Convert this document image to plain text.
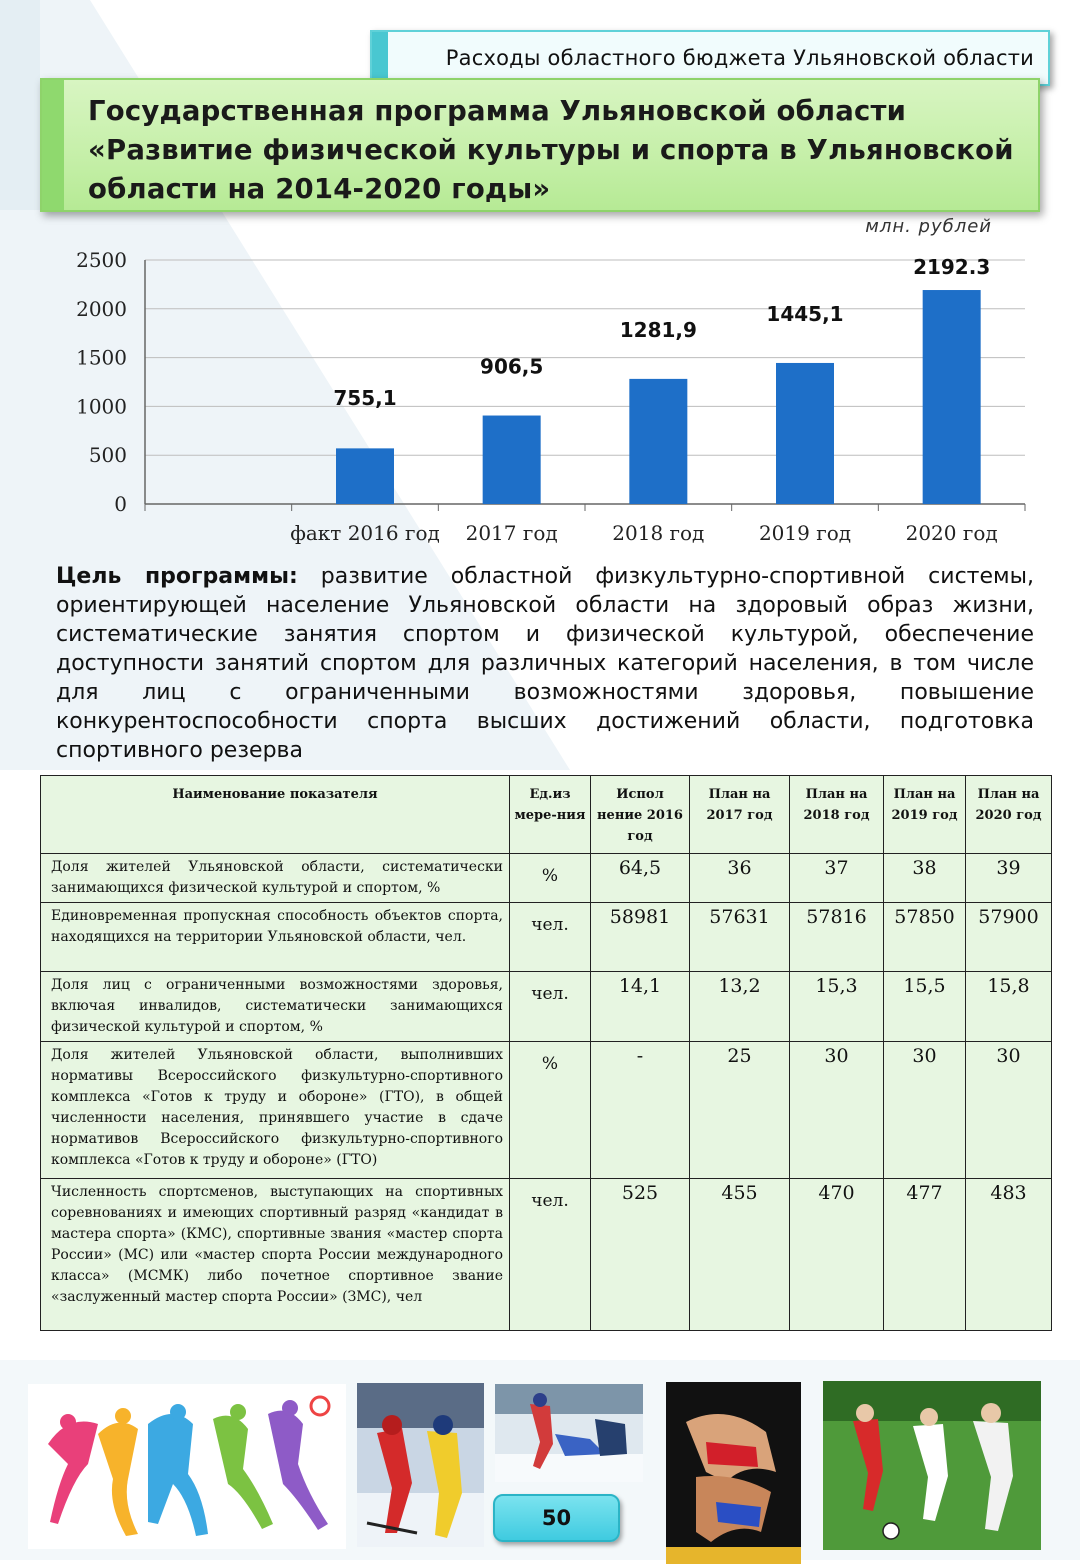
Расходы областного бюджета Ульяновской области
Государственная программа Ульяновской области «Развитие физической культуры и спорта в Ульяновской области на 2014-2020 годы»
млн. рублей
0
500
1000
1500
2000
2500
755,1
факт 2016 год
906,5
2017 год
1281,9
2018 год
1445,1
2019 год
2192.3
2020 год
Цель программы: развитие областной физкультурно-спортивной системы, ориентирующей население Ульяновской области на здоровый образ жизни, систематические занятия спортом и физической культурой, обеспечение доступности занятий спортом для различных категорий населения, в том числе для лиц с ограниченными возможностями здоровья, повышение конкурентоспособности спорта высших достижений области, подготовка спортивного резерва
Наименование показателя	Ед.из мере-ния	Испол нение 2016 год	План на 2017 год	План на 2018 год	План на 2019 год	План на 2020 год
Доля жителей Ульяновской области, систематически занимающихся физической культурой и спортом, %	%	64,5	36	37	38	39
Единовременная пропускная способность объектов спорта, находящихся на территории Ульяновской области, чел.	чел.	58981	57631	57816	57850	57900
Доля лиц с ограниченными возможностями здоровья, включая инвалидов, систематически занимающихся физической культурой и спортом, %	чел.	14,1	13,2	15,3	15,5	15,8
Доля жителей Ульяновской области, выполнивших нормативы Всероссийского физкультурно-спортивного комплекса «Готов к труду и обороне» (ГТО), в общей численности населения, принявшего участие в сдаче нормативов Всероссийского физкультурно-спортивного комплекса «Готов к труду и обороне» (ГТО)	%	-	25	30	30	30
Численность спортсменов, выступающих на спортивных соревнованиях и имеющих спортивный разряд «кандидат в мастера спорта» (КМС), спортивные звания «мастер спорта России» (МС) или «мастер спорта России международного класса» (МСМК) либо почетное спортивное звание «заслуженный мастер спорта России» (ЗМС), чел	чел.	525	455	470	477	483
50
